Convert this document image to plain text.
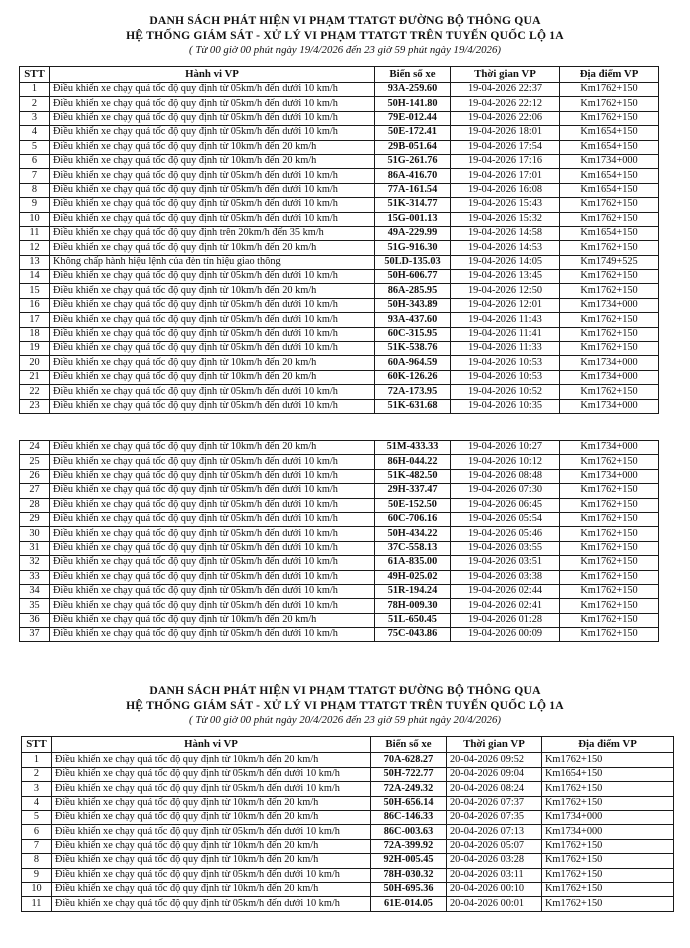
DANH SÁCH PHÁT HIỆN VI PHẠM TTATGT ĐƯỜNG BỘ THÔNG QUA
HỆ THỐNG GIÁM SÁT - XỬ LÝ VI PHẠM TTATGT TRÊN TUYẾN QUỐC LỘ 1A
( Từ 00 giờ 00 phút ngày 19/4/2026 đến 23 giờ 59 phút ngày 19/4/2026)
STT	Hành vi VP	Biển số xe	Thời gian VP	Địa điểm VP
1	Điều khiển xe chạy quá tốc độ quy định từ 05km/h đến dưới 10 km/h	93A-259.60	19-04-2026 22:37	Km1762+150
2	Điều khiển xe chạy quá tốc độ quy định từ 05km/h đến dưới 10 km/h	50H-141.80	19-04-2026 22:12	Km1762+150
3	Điều khiển xe chạy quá tốc độ quy định từ 05km/h đến dưới 10 km/h	79E-012.44	19-04-2026 22:06	Km1762+150
4	Điều khiển xe chạy quá tốc độ quy định từ 05km/h đến dưới 10 km/h	50E-172.41	19-04-2026 18:01	Km1654+150
5	Điều khiển xe chạy quá tốc độ quy định từ 10km/h đến 20 km/h	29B-051.64	19-04-2026 17:54	Km1654+150
6	Điều khiển xe chạy quá tốc độ quy định từ 10km/h đến 20 km/h	51G-261.76	19-04-2026 17:16	Km1734+000
7	Điều khiển xe chạy quá tốc độ quy định từ 05km/h đến dưới 10 km/h	86A-416.70	19-04-2026 17:01	Km1654+150
8	Điều khiển xe chạy quá tốc độ quy định từ 05km/h đến dưới 10 km/h	77A-161.54	19-04-2026 16:08	Km1654+150
9	Điều khiển xe chạy quá tốc độ quy định từ 05km/h đến dưới 10 km/h	51K-314.77	19-04-2026 15:43	Km1762+150
10	Điều khiển xe chạy quá tốc độ quy định từ 05km/h đến dưới 10 km/h	15G-001.13	19-04-2026 15:32	Km1762+150
11	Điều khiển xe chạy quá tốc độ quy định trên 20km/h đến 35 km/h	49A-229.99	19-04-2026 14:58	Km1654+150
12	Điều khiển xe chạy quá tốc độ quy định từ 10km/h đến 20 km/h	51G-916.30	19-04-2026 14:53	Km1762+150
13	Không chấp hành hiệu lệnh của đèn tín hiệu giao thông	50LD-135.03	19-04-2026 14:05	Km1749+525
14	Điều khiển xe chạy quá tốc độ quy định từ 05km/h đến dưới 10 km/h	50H-606.77	19-04-2026 13:45	Km1762+150
15	Điều khiển xe chạy quá tốc độ quy định từ 10km/h đến 20 km/h	86A-285.95	19-04-2026 12:50	Km1762+150
16	Điều khiển xe chạy quá tốc độ quy định từ 05km/h đến dưới 10 km/h	50H-343.89	19-04-2026 12:01	Km1734+000
17	Điều khiển xe chạy quá tốc độ quy định từ 05km/h đến dưới 10 km/h	93A-437.60	19-04-2026 11:43	Km1762+150
18	Điều khiển xe chạy quá tốc độ quy định từ 05km/h đến dưới 10 km/h	60C-315.95	19-04-2026 11:41	Km1762+150
19	Điều khiển xe chạy quá tốc độ quy định từ 05km/h đến dưới 10 km/h	51K-538.76	19-04-2026 11:33	Km1762+150
20	Điều khiển xe chạy quá tốc độ quy định từ 10km/h đến 20 km/h	60A-964.59	19-04-2026 10:53	Km1734+000
21	Điều khiển xe chạy quá tốc độ quy định từ 10km/h đến 20 km/h	60K-126.26	19-04-2026 10:53	Km1734+000
22	Điều khiển xe chạy quá tốc độ quy định từ 05km/h đến dưới 10 km/h	72A-173.95	19-04-2026 10:52	Km1762+150
23	Điều khiển xe chạy quá tốc độ quy định từ 05km/h đến dưới 10 km/h	51K-631.68	19-04-2026 10:35	Km1734+000
24	Điều khiển xe chạy quá tốc độ quy định từ 10km/h đến 20 km/h	51M-433.33	19-04-2026 10:27	Km1734+000
25	Điều khiển xe chạy quá tốc độ quy định từ 05km/h đến dưới 10 km/h	86H-044.22	19-04-2026 10:12	Km1762+150
26	Điều khiển xe chạy quá tốc độ quy định từ 05km/h đến dưới 10 km/h	51K-482.50	19-04-2026 08:48	Km1734+000
27	Điều khiển xe chạy quá tốc độ quy định từ 05km/h đến dưới 10 km/h	29H-337.47	19-04-2026 07:30	Km1762+150
28	Điều khiển xe chạy quá tốc độ quy định từ 05km/h đến dưới 10 km/h	50E-152.50	19-04-2026 06:45	Km1762+150
29	Điều khiển xe chạy quá tốc độ quy định từ 05km/h đến dưới 10 km/h	60C-706.16	19-04-2026 05:54	Km1762+150
30	Điều khiển xe chạy quá tốc độ quy định từ 05km/h đến dưới 10 km/h	50H-434.22	19-04-2026 05:46	Km1762+150
31	Điều khiển xe chạy quá tốc độ quy định từ 05km/h đến dưới 10 km/h	37C-558.13	19-04-2026 03:55	Km1762+150
32	Điều khiển xe chạy quá tốc độ quy định từ 05km/h đến dưới 10 km/h	61A-835.00	19-04-2026 03:51	Km1762+150
33	Điều khiển xe chạy quá tốc độ quy định từ 05km/h đến dưới 10 km/h	49H-025.02	19-04-2026 03:38	Km1762+150
34	Điều khiển xe chạy quá tốc độ quy định từ 05km/h đến dưới 10 km/h	51R-194.24	19-04-2026 02:44	Km1762+150
35	Điều khiển xe chạy quá tốc độ quy định từ 05km/h đến dưới 10 km/h	78H-009.30	19-04-2026 02:41	Km1762+150
36	Điều khiển xe chạy quá tốc độ quy định từ 10km/h đến 20 km/h	51L-650.45	19-04-2026 01:28	Km1762+150
37	Điều khiển xe chạy quá tốc độ quy định từ 05km/h đến dưới 10 km/h	75C-043.86	19-04-2026 00:09	Km1762+150
DANH SÁCH PHÁT HIỆN VI PHẠM TTATGT ĐƯỜNG BỘ THÔNG QUA
HỆ THỐNG GIÁM SÁT - XỬ LÝ VI PHẠM TTATGT TRÊN TUYẾN QUỐC LỘ 1A
( Từ 00 giờ 00 phút ngày 20/4/2026 đến 23 giờ 59 phút ngày 20/4/2026)
STT	Hành vi VP	Biển số xe	Thời gian VP	Địa điểm VP
1	Điều khiển xe chạy quá tốc độ quy định từ 10km/h đến 20 km/h	70A-628.27	20-04-2026 09:52	Km1762+150
2	Điều khiển xe chạy quá tốc độ quy định từ 05km/h đến dưới 10 km/h	50H-722.77	20-04-2026 09:04	Km1654+150
3	Điều khiển xe chạy quá tốc độ quy định từ 05km/h đến dưới 10 km/h	72A-249.32	20-04-2026 08:24	Km1762+150
4	Điều khiển xe chạy quá tốc độ quy định từ 10km/h đến 20 km/h	50H-656.14	20-04-2026 07:37	Km1762+150
5	Điều khiển xe chạy quá tốc độ quy định từ 10km/h đến 20 km/h	86C-146.33	20-04-2026 07:35	Km1734+000
6	Điều khiển xe chạy quá tốc độ quy định từ 05km/h đến dưới 10 km/h	86C-003.63	20-04-2026 07:13	Km1734+000
7	Điều khiển xe chạy quá tốc độ quy định từ 10km/h đến 20 km/h	72A-399.92	20-04-2026 05:07	Km1762+150
8	Điều khiển xe chạy quá tốc độ quy định từ 10km/h đến 20 km/h	92H-005.45	20-04-2026 03:28	Km1762+150
9	Điều khiển xe chạy quá tốc độ quy định từ 05km/h đến dưới 10 km/h	78H-030.32	20-04-2026 03:11	Km1762+150
10	Điều khiển xe chạy quá tốc độ quy định từ 10km/h đến 20 km/h	50H-695.36	20-04-2026 00:10	Km1762+150
11	Điều khiển xe chạy quá tốc độ quy định từ 05km/h đến dưới 10 km/h	61E-014.05	20-04-2026 00:01	Km1762+150
